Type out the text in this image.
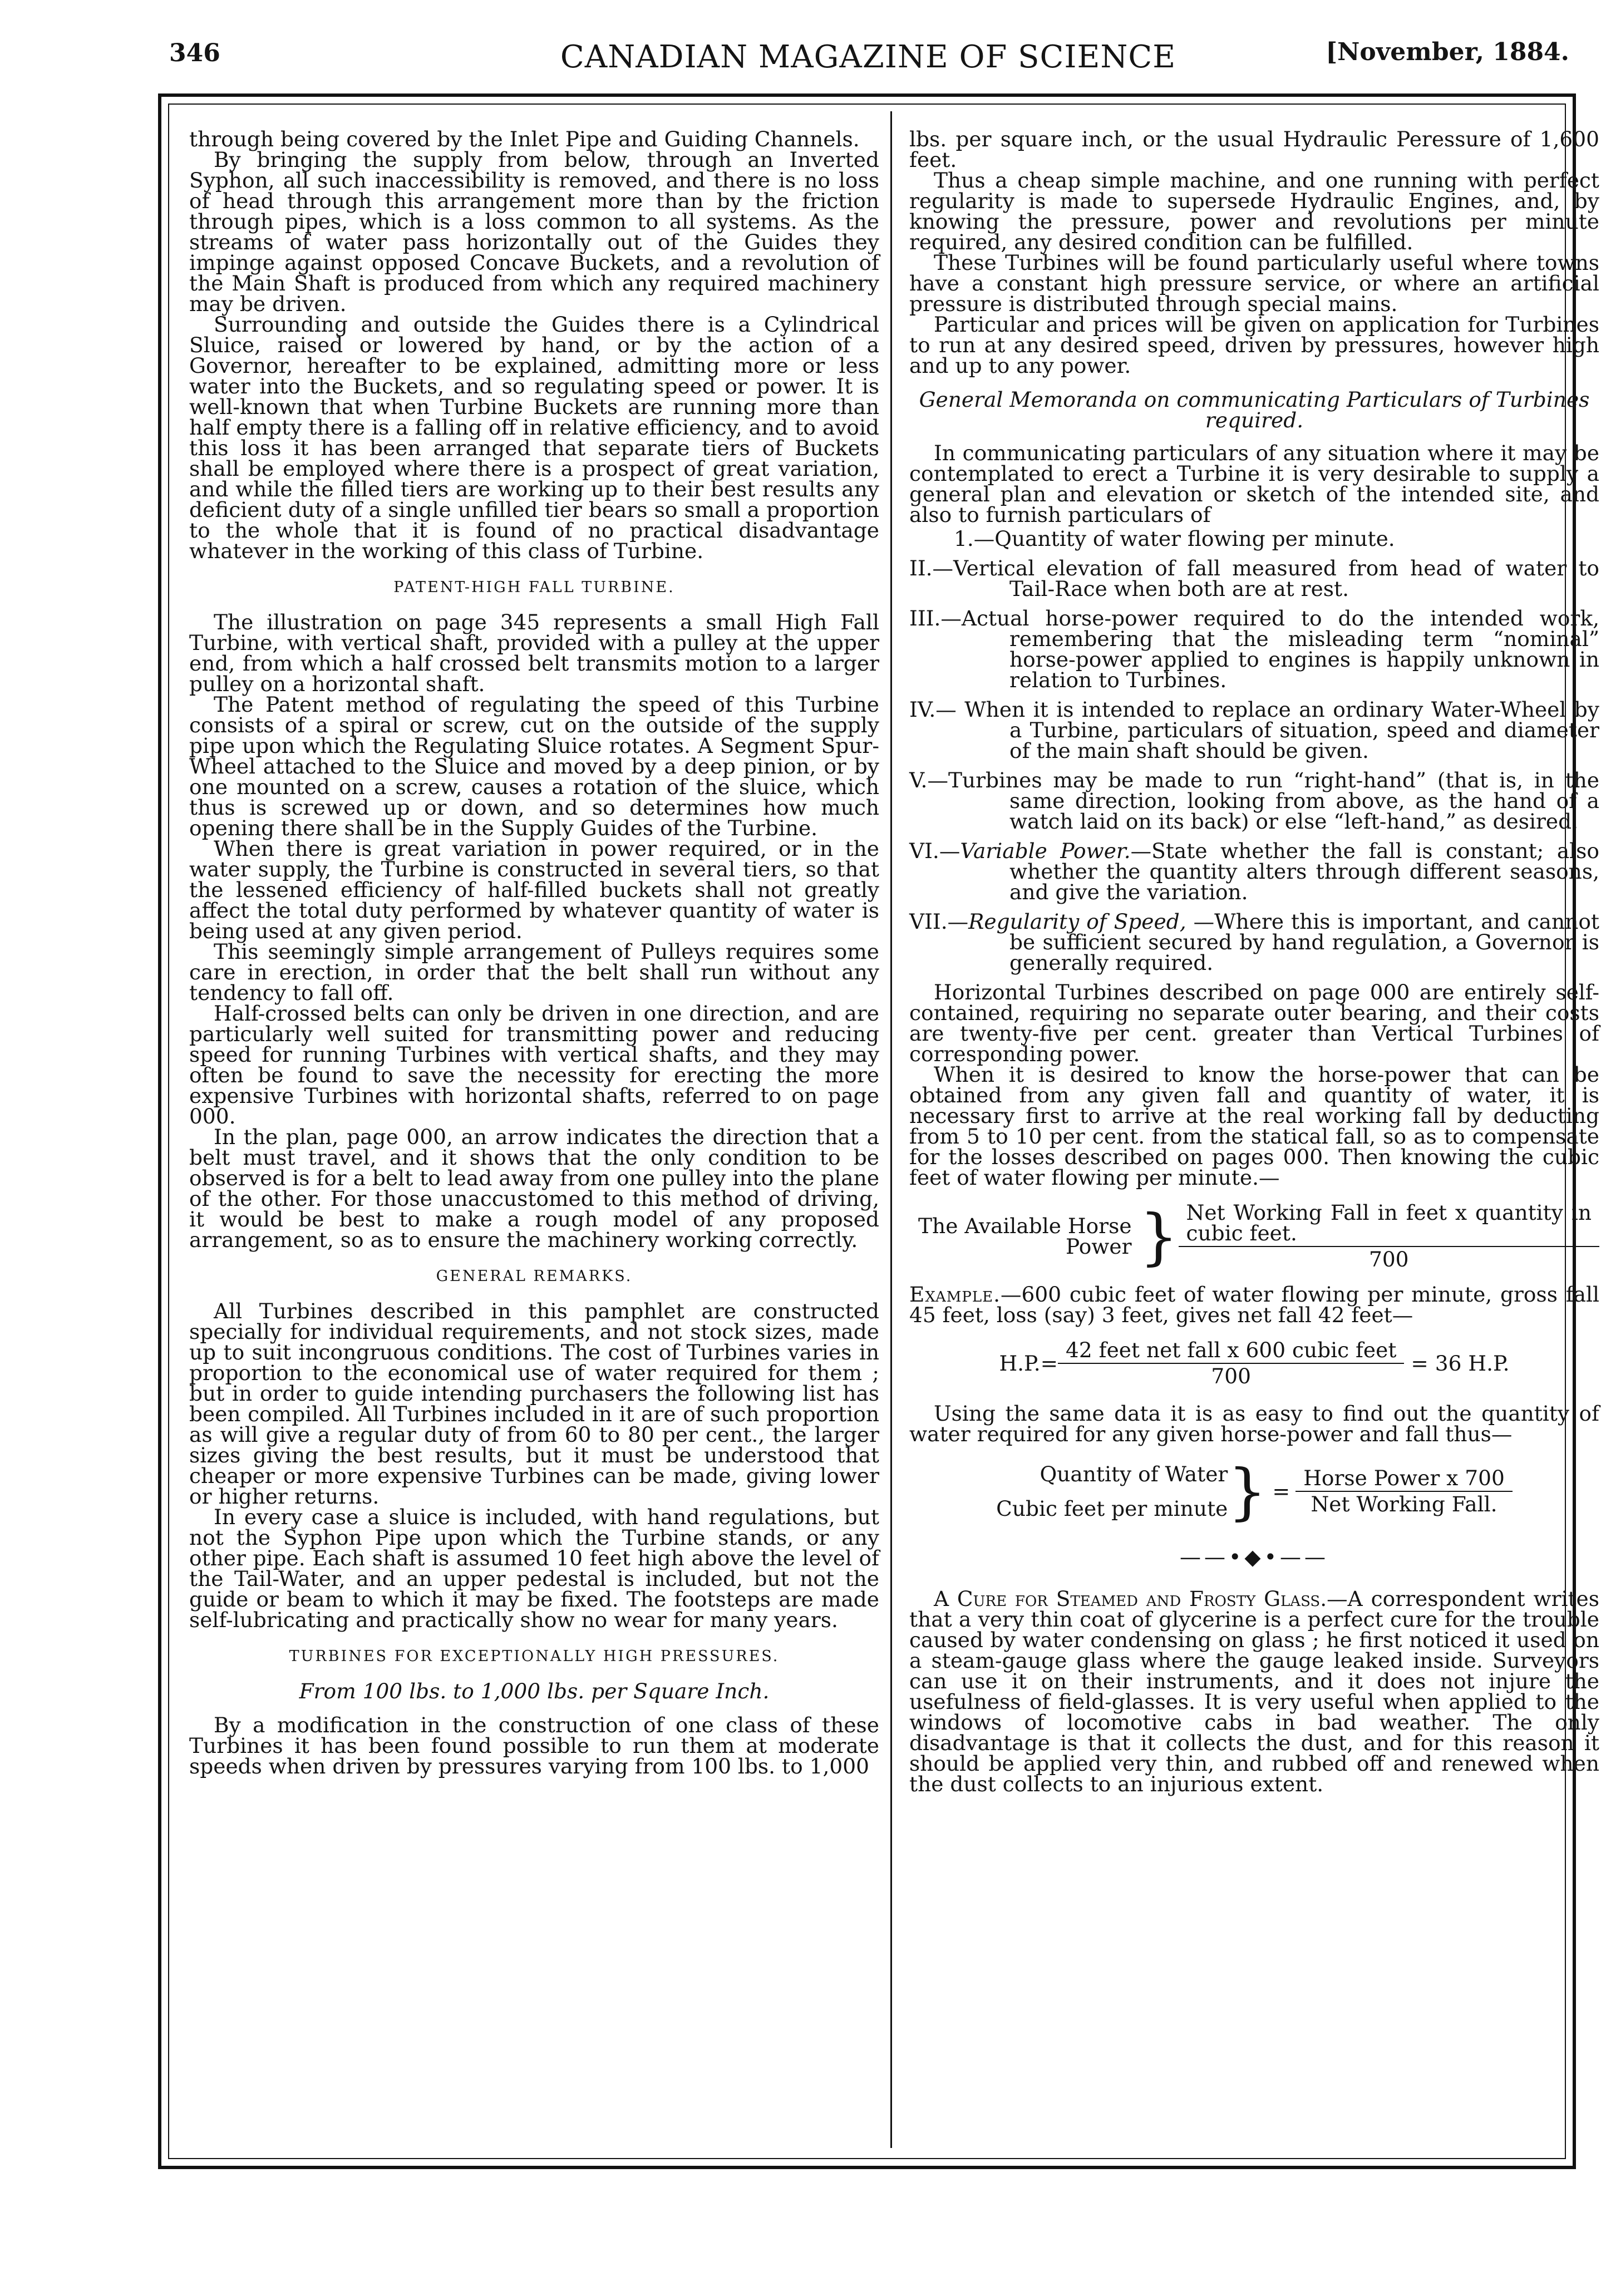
346	CANADIAN MAGAZINE OF SCIENCE	[November, 1884.

through being covered by the Inlet Pipe and Guiding Channels.

By bringing the supply from below, through an Inverted Syphon, all such inaccessibility is removed, and there is no loss of head through this arrangement more than by the friction through pipes, which is a loss common to all systems. As the streams of water pass horizontally out of the Guides they impinge against opposed Concave Buckets, and a revolution of the Main Shaft is produced from which any required machinery may be driven.

Surrounding and outside the Guides there is a Cylindrical Sluice, raised or lowered by hand, or by the action of a Governor, hereafter to be explained, admitting more or less water into the Buckets, and so regulating speed or power. It is well-known that when Turbine Buckets are running more than half empty there is a falling off in relative efficiency, and to avoid this loss it has been arranged that separate tiers of Buckets shall be employed where there is a prospect of great variation, and while the filled tiers are working up to their best results any deficient duty of a single unfilled tier bears so small a proportion to the whole that it is found of no practical disadvantage whatever in the working of this class of Turbine.

PATENT-HIGH FALL TURBINE.

The illustration on page 345 represents a small High Fall Turbine, with vertical shaft, provided with a pulley at the upper end, from which a half crossed belt transmits motion to a larger pulley on a horizontal shaft.

The Patent method of regulating the speed of this Turbine consists of a spiral or screw, cut on the outside of the supply pipe upon which the Regulating Sluice rotates. A Segment Spur-Wheel attached to the Sluice and moved by a deep pinion, or by one mounted on a screw, causes a rotation of the sluice, which thus is screwed up or down, and so determines how much opening there shall be in the Supply Guides of the Turbine.

When there is great variation in power required, or in the water supply, the Turbine is constructed in several tiers, so that the lessened efficiency of half-filled buckets shall not greatly affect the total duty performed by whatever quantity of water is being used at any given period.

This seemingly simple arrangement of Pulleys requires some care in erection, in order that the belt shall run without any tendency to fall off.

Half-crossed belts can only be driven in one direction, and are particularly well suited for transmitting power and reducing speed for running Turbines with vertical shafts, and they may often be found to save the necessity for erecting the more expensive Turbines with horizontal shafts, referred to on page 000.

In the plan, page 000, an arrow indicates the direction that a belt must travel, and it shows that the only condition to be observed is for a belt to lead away from one pulley into the plane of the other. For those unaccustomed to this method of driving, it would be best to make a rough model of any proposed arrangement, so as to ensure the machinery working correctly.

GENERAL REMARKS.

All Turbines described in this pamphlet are constructed specially for individual requirements, and not stock sizes, made up to suit incongruous conditions. The cost of Turbines varies in proportion to the economical use of water required for them ; but in order to guide intending purchasers the following list has been compiled. All Turbines included in it are of such proportion as will give a regular duty of from 60 to 80 per cent., the larger sizes giving the best results, but it must be understood that cheaper or more expensive Turbines can be made, giving lower or higher returns.

In every case a sluice is included, with hand regulations, but not the Syphon Pipe upon which the Turbine stands, or any other pipe. Each shaft is assumed 10 feet high above the level of the Tail-Water, and an upper pedestal is included, but not the guide or beam to which it may be fixed. The footsteps are made self-lubricating and practically show no wear for many years.

TURBINES FOR EXCEPTIONALLY HIGH PRESSURES.
From 100 lbs. to 1,000 lbs. per Square Inch.

By a modification in the construction of one class of these Turbines it has been found possible to run them at moderate speeds when driven by pressures varying from 100 lbs. to 1,000

lbs. per square inch, or the usual Hydraulic Peressure of 1,600 feet.

Thus a cheap simple machine, and one running with perfect regularity is made to supersede Hydraulic Engines, and, by knowing the pressure, power and revolutions per minute required, any desired condition can be fulfilled.

These Turbines will be found particularly useful where towns have a constant high pressure service, or where an artificial pressure is distributed through special mains.

Particular and prices will be given on application for Turbines to run at any desired speed, driven by pressures, however high and up to any power.

General Memoranda on communicating Particulars of Turbines required.

In communicating particulars of any situation where it may be contemplated to erect a Turbine it is very desirable to supply a general plan and elevation or sketch of the intended site, and also to furnish particulars of

1.—Quantity of water flowing per minute.
II.—Vertical elevation of fall measured from head of water to Tail-Race when both are at rest.
III.—Actual horse-power required to do the intended work, remembering that the misleading term “nominal” horse-power applied to engines is happily unknown in relation to Turbines.
IV.— When it is intended to replace an ordinary Water-Wheel by a Turbine, particulars of situation, speed and diameter of the main shaft should be given.
V.—Turbines may be made to run “right-hand” (that is, in the same direction, looking from above, as the hand of a watch laid on its back) or else “left-hand,” as desired.
VI.—Variable Power.—State whether the fall is constant; also whether the quantity alters through different seasons, and give the variation.
VII.—Regularity of Speed, —Where this is important, and cannot be sufficient secured by hand regulation, a Governor is generally required.

Horizontal Turbines described on page 000 are entirely self-contained, requiring no separate outer bearing, and their costs are twenty-five per cent. greater than Vertical Turbines of corresponding power.

When it is desired to know the horse-power that can be obtained from any given fall and quantity of water, it is necessary first to arrive at the real working fall by deducting from 5 to 10 per cent. from the statical fall, so as to compensate for the losses described on pages 000. Then knowing the cubic feet of water flowing per minute.—

The Available Horse Power } $\frac{\text{Net Working Fall in feet x quantity in cubic feet.}}{700}$
Example.—600 cubic feet of water flowing per minute, gross fall 45 feet, loss (say) 3 feet, gives net fall 42 feet—
$H.P.= \frac{\text{42 feet net fall x 600 cubic feet}}{700} = 36$ H.P.

Using the same data it is as easy to find out the quantity of water required for any given horse-power and fall thus—

Quantity of Water
Cubic feet per minute } = $\frac{\text{Horse Power x 700}}{\text{Net Working Fall.}}$
——•◆•——

A Cure for Steamed and Frosty Glass.—A correspondent writes that a very thin coat of glycerine is a perfect cure for the trouble caused by water condensing on glass ; he first noticed it used on a steam-gauge glass where the gauge leaked inside. Surveyors can use it on their instruments, and it does not injure the usefulness of field-glasses. It is very useful when applied to the windows of locomotive cabs in bad weather. The only disadvantage is that it collects the dust, and for this reason it should be applied very thin, and rubbed off and renewed when the dust collects to an injurious extent.
